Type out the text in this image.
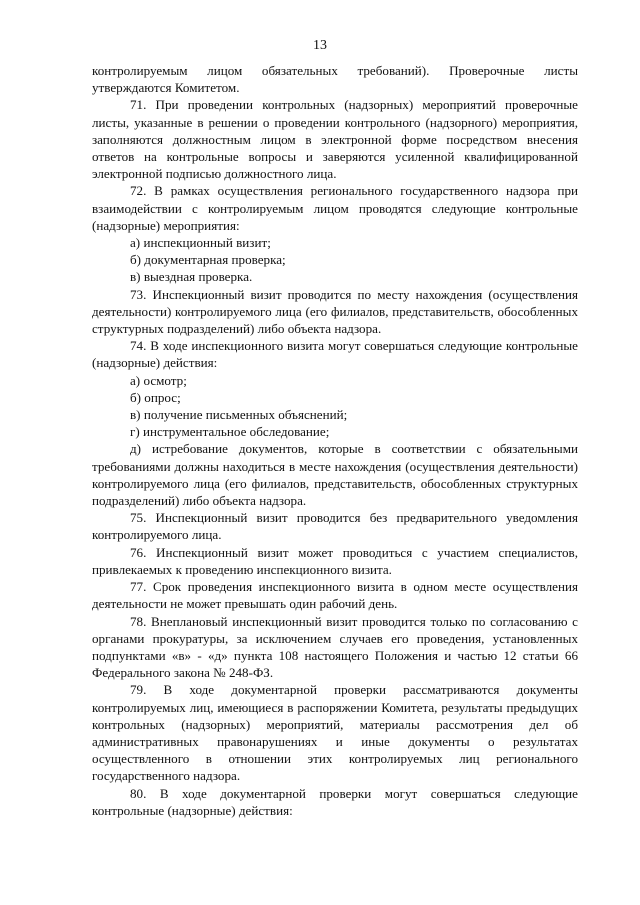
13

контролируемым лицом обязательных требований). Проверочные листы утверждаются Комитетом.

71. При проведении контрольных (надзорных) мероприятий проверочные листы, указанные в решении о проведении контрольного (надзорного) мероприятия, заполняются должностным лицом в электронной форме посредством внесения ответов на контрольные вопросы и заверяются усиленной квалифицированной электронной подписью должностного лица.

72. В рамках осуществления регионального государственного надзора при взаимодействии с контролируемым лицом проводятся следующие контрольные (надзорные) мероприятия:

а) инспекционный визит;

б) документарная проверка;

в) выездная проверка.

73. Инспекционный визит проводится по месту нахождения (осуществления деятельности) контролируемого лица (его филиалов, представительств, обособленных структурных подразделений) либо объекта надзора.

74. В ходе инспекционного визита могут совершаться следующие контрольные (надзорные) действия:

а) осмотр;

б) опрос;

в) получение письменных объяснений;

г) инструментальное обследование;

д) истребование документов, которые в соответствии с обязательными требованиями должны находиться в месте нахождения (осуществления деятельности) контролируемого лица (его филиалов, представительств, обособленных структурных подразделений) либо объекта надзора.

75. Инспекционный визит проводится без предварительного уведомления контролируемого лица.

76. Инспекционный визит может проводиться с участием специалистов, привлекаемых к проведению инспекционного визита.

77. Срок проведения инспекционного визита в одном месте осуществления деятельности не может превышать один рабочий день.

78. Внеплановый инспекционный визит проводится только по согласованию с органами прокуратуры, за исключением случаев его проведения, установленных подпунктами «в» - «д» пункта 108 настоящего Положения и частью 12 статьи 66 Федерального закона № 248-ФЗ.

79. В ходе документарной проверки рассматриваются документы контролируемых лиц, имеющиеся в распоряжении Комитета, результаты предыдущих контрольных (надзорных) мероприятий, материалы рассмотрения дел об административных правонарушениях и иные документы о результатах осуществленного в отношении этих контролируемых лиц регионального государственного надзора.

80. В ходе документарной проверки могут совершаться следующие контрольные (надзорные) действия:
